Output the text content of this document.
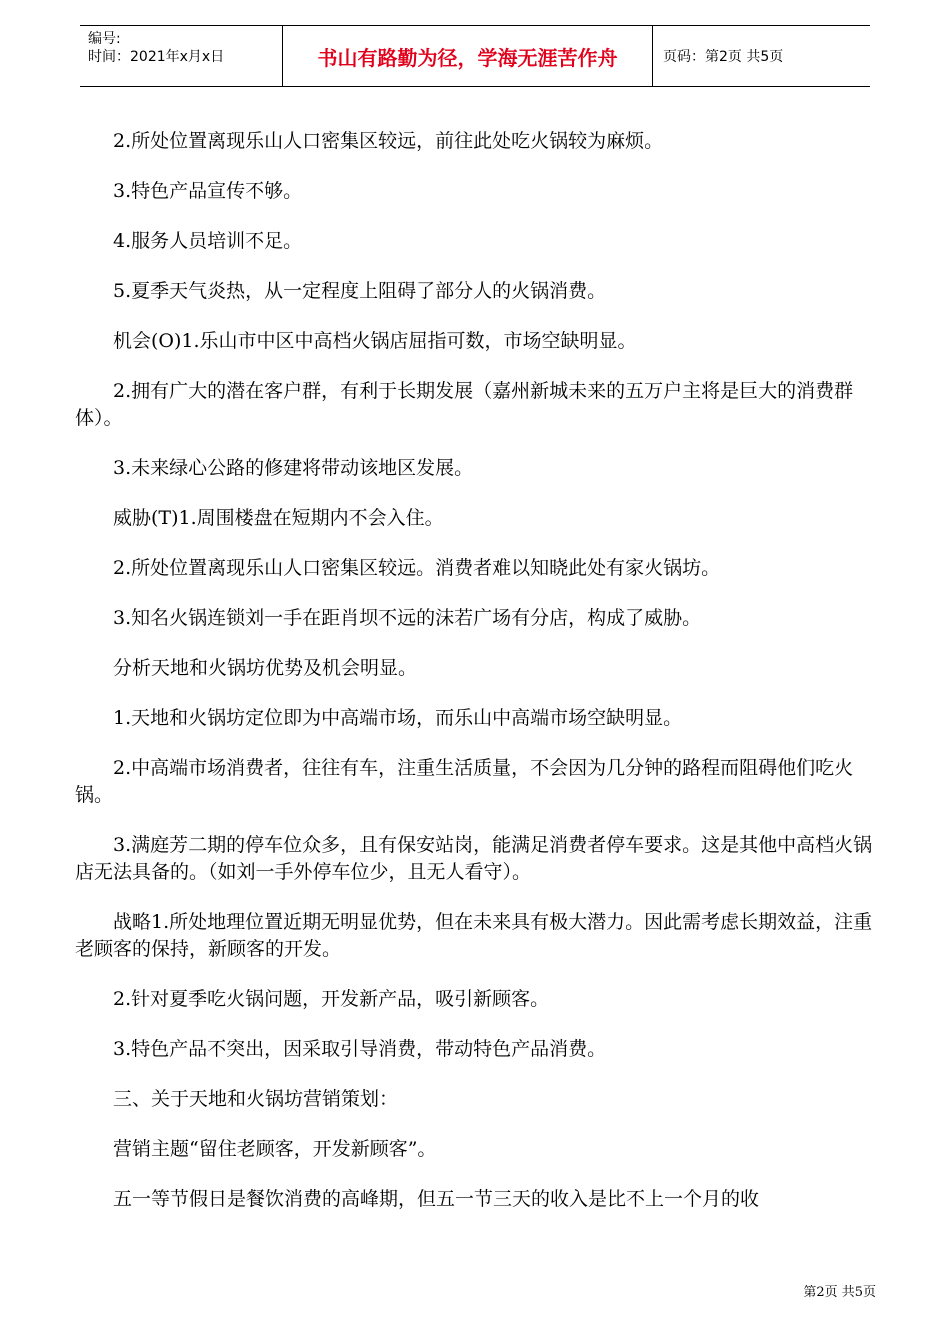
编号:
时间：2021年x月x日	书山有路勤为径，学海无涯苦作舟	页码：第2页 共5页

2.所处位置离现乐山人口密集区较远，前往此处吃火锅较为麻烦。

3.特色产品宣传不够。

4.服务人员培训不足。

5.夏季天气炎热，从一定程度上阻碍了部分人的火锅消费。

机会(O)1.乐山市中区中高档火锅店屈指可数，市场空缺明显。

2.拥有广大的潜在客户群，有利于长期发展（嘉州新城未来的五万户主将是巨大的消费群体）。

3.未来绿心公路的修建将带动该地区发展。

威胁(T)1.周围楼盘在短期内不会入住。

2.所处位置离现乐山人口密集区较远。消费者难以知晓此处有家火锅坊。

3.知名火锅连锁刘一手在距肖坝不远的沫若广场有分店，构成了威胁。

分析天地和火锅坊优势及机会明显。

1.天地和火锅坊定位即为中高端市场，而乐山中高端市场空缺明显。

2.中高端市场消费者，往往有车，注重生活质量，不会因为几分钟的路程而阻碍他们吃火锅。

3.满庭芳二期的停车位众多，且有保安站岗，能满足消费者停车要求。这是其他中高档火锅店无法具备的。（如刘一手外停车位少，且无人看守）。

战略1.所处地理位置近期无明显优势，但在未来具有极大潜力。因此需考虑长期效益，注重老顾客的保持，新顾客的开发。

2.针对夏季吃火锅问题，开发新产品，吸引新顾客。

3.特色产品不突出，因采取引导消费，带动特色产品消费。

三、关于天地和火锅坊营销策划：

营销主题“留住老顾客，开发新顾客”。

五一等节假日是餐饮消费的高峰期，但五一节三天的收入是比不上一个月的收

第2页 共5页
